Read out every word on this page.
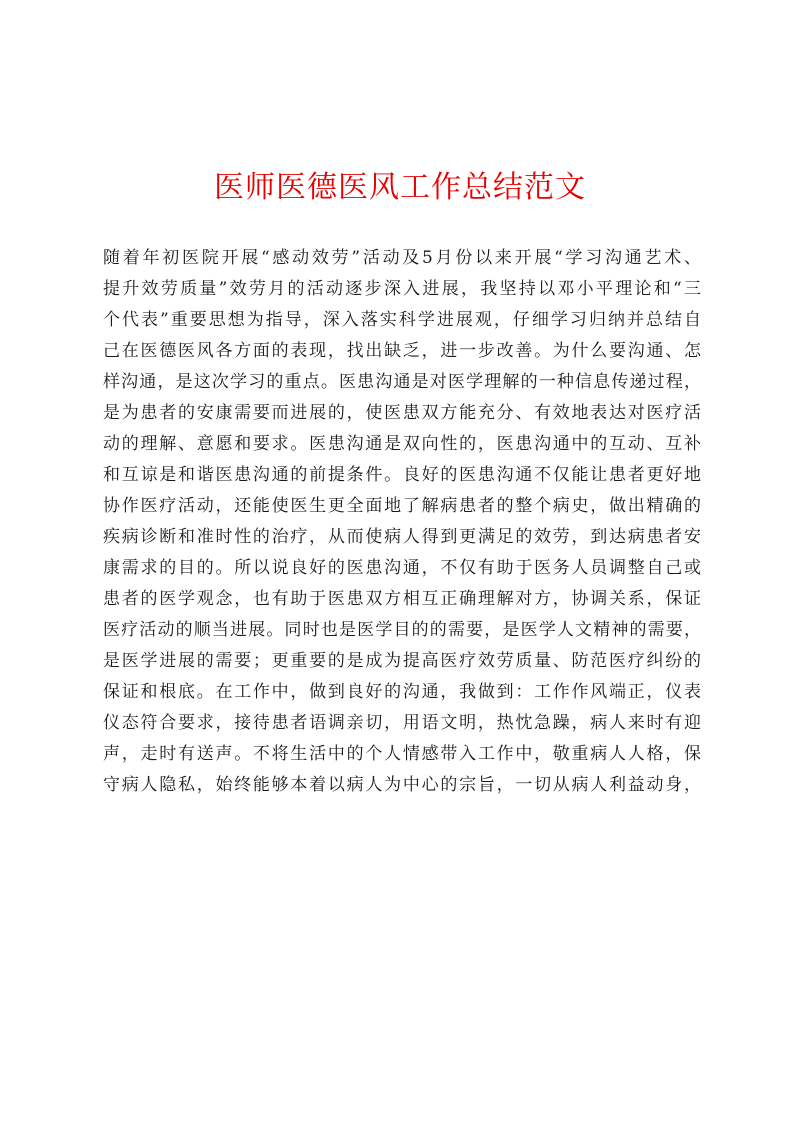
医师医德医风工作总结范文
随着年初医院开展“感动效劳”活动及5月份以来开展“学习沟通艺术、
提升效劳质量”效劳月的活动逐步深入进展，我坚持以邓小平理论和“三
个代表”重要思想为指导，深入落实科学进展观，仔细学习归纳并总结自
己在医德医风各方面的表现，找出缺乏，进一步改善。为什么要沟通、怎
样沟通，是这次学习的重点。医患沟通是对医学理解的一种信息传递过程，
是为患者的安康需要而进展的，使医患双方能充分、有效地表达对医疗活
动的理解、意愿和要求。医患沟通是双向性的，医患沟通中的互动、互补
和互谅是和谐医患沟通的前提条件。良好的医患沟通不仅能让患者更好地
协作医疗活动，还能使医生更全面地了解病患者的整个病史，做出精确的
疾病诊断和准时性的治疗，从而使病人得到更满足的效劳，到达病患者安
康需求的目的。所以说良好的医患沟通，不仅有助于医务人员调整自己或
患者的医学观念，也有助于医患双方相互正确理解对方，协调关系，保证
医疗活动的顺当进展。同时也是医学目的的需要，是医学人文精神的需要，
是医学进展的需要；更重要的是成为提高医疗效劳质量、防范医疗纠纷的
保证和根底。在工作中，做到良好的沟通，我做到：工作作风端正，仪表
仪态符合要求，接待患者语调亲切，用语文明，热忱急躁，病人来时有迎
声，走时有送声。不将生活中的个人情感带入工作中，敬重病人人格，保
守病人隐私，始终能够本着以病人为中心的宗旨，一切从病人利益动身，
